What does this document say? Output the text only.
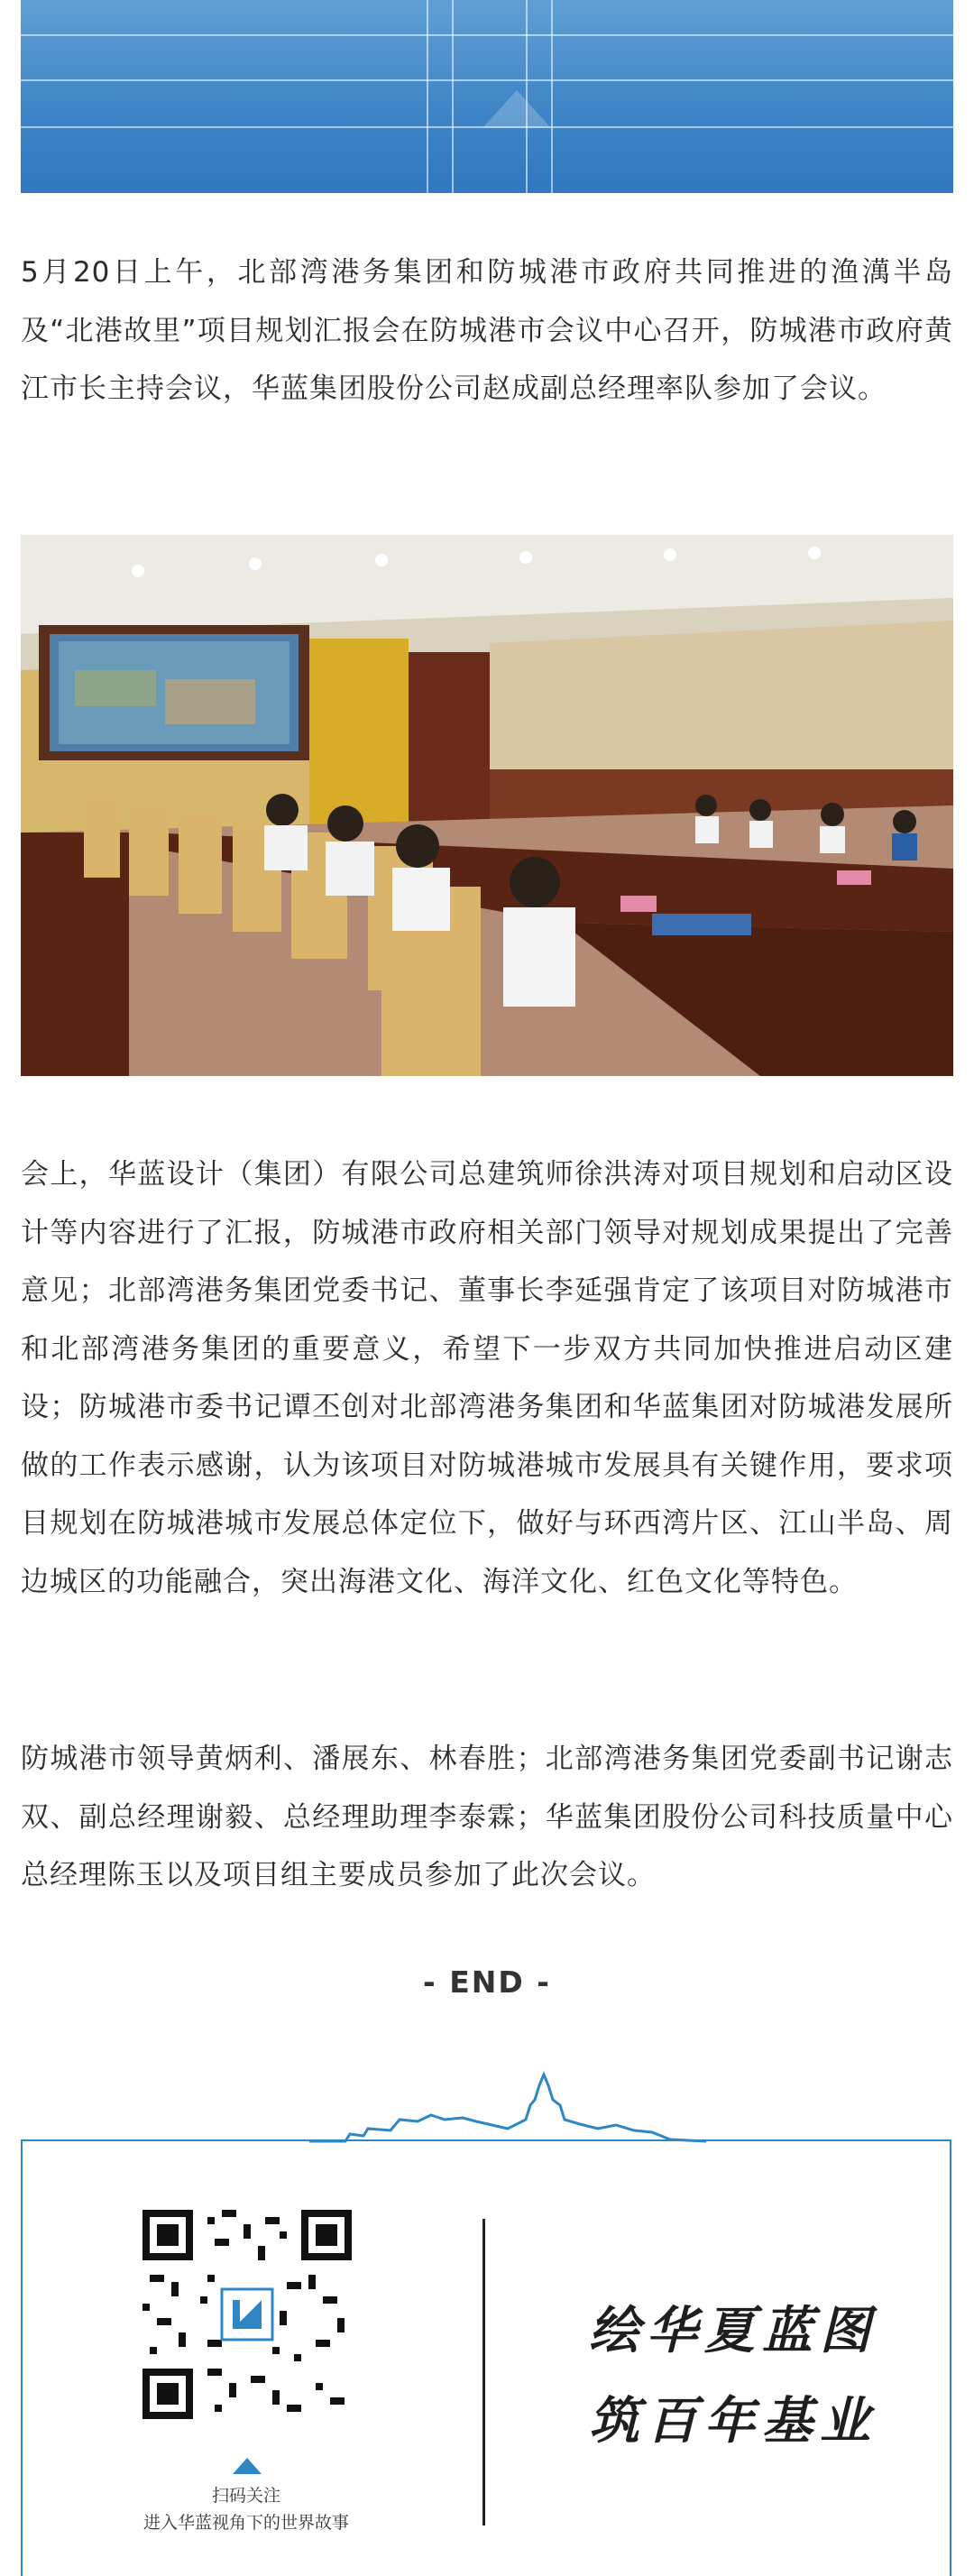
5月20日上午，北部湾港务集团和防城港市政府共同推进的渔澫半岛及“北港故里”项目规划汇报会在防城港市会议中心召开，防城港市政府黄江市长主持会议，华蓝集团股份公司赵成副总经理率队参加了会议。

会上，华蓝设计（集团）有限公司总建筑师徐洪涛对项目规划和启动区设计等内容进行了汇报，防城港市政府相关部门领导对规划成果提出了完善意见；北部湾港务集团党委书记、董事长李延强肯定了该项目对防城港市和北部湾港务集团的重要意义，希望下一步双方共同加快推进启动区建设；防城港市委书记谭丕创对北部湾港务集团和华蓝集团对防城港发展所做的工作表示感谢，认为该项目对防城港城市发展具有关键作用，要求项目规划在防城港城市发展总体定位下，做好与环西湾片区、江山半岛、周边城区的功能融合，突出海港文化、海洋文化、红色文化等特色。

防城港市领导黄炳利、潘展东、林春胜；北部湾港务集团党委副书记谢志双、副总经理谢毅、总经理助理李泰霖；华蓝集团股份公司科技质量中心总经理陈玉以及项目组主要成员参加了此次会议。

- END -
扫码关注
进入华蓝视角下的世界故事
绘华夏蓝图
筑百年基业
